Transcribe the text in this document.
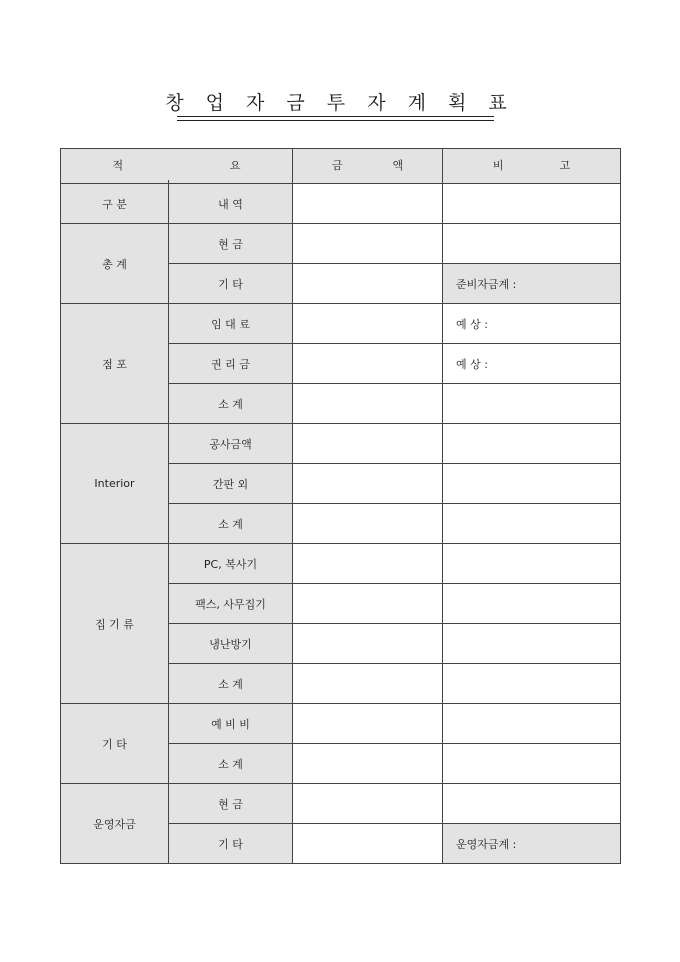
창 업 자 금 투 자 계 획 표
적 요		금 액	비 고

구 분	내 역		
총 계	현 금		
	기 타		준비자금계 :
점 포	임 대 료		예 상 :
	권 리 금		예 상 :
	소 계		
Interior	공사금액		
	간판 외		
	소 계		
집 기 류	PC, 복사기		
	팩스, 사무집기		
	냉난방기		
	소 계		
기 타	예 비 비		
	소 계		
운영자금	현 금		
	기 타		운영자금계 :
